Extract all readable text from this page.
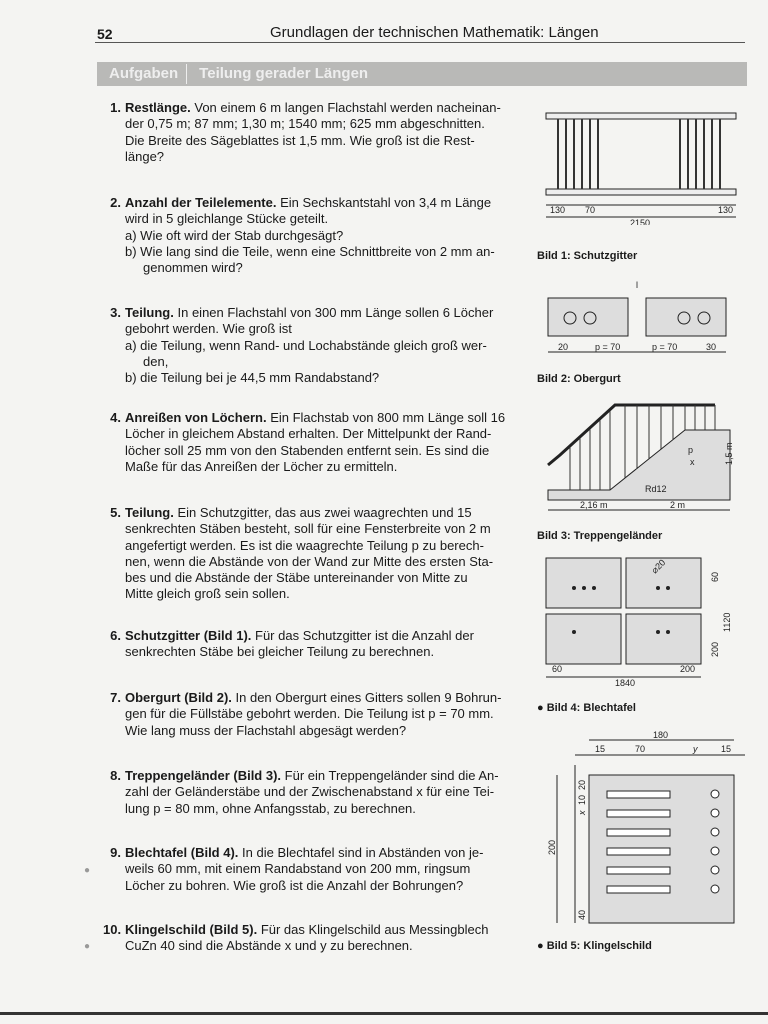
52	Grundlagen der technischen Mathematik: Längen
Aufgaben Teilung gerader Längen
1. Restlänge. Von einem 6 m langen Flachstahl werden nacheinan-
der 0,75 m; 87 mm; 1,30 m; 1540 mm; 625 mm abgeschnitten.
Die Breite des Sägeblattes ist 1,5 mm. Wie groß ist die Rest-
länge?
2. Anzahl der Teilelemente. Ein Sechskantstahl von 3,4 m Länge
wird in 5 gleichlange Stücke geteilt.
a) Wie oft wird der Stab durchgesägt?
b) Wie lang sind die Teile, wenn eine Schnittbreite von 2 mm an-
genommen wird?
3. Teilung. In einen Flachstahl von 300 mm Länge sollen 6 Löcher
gebohrt werden. Wie groß ist
a) die Teilung, wenn Rand- und Lochabstände gleich groß wer-
den,
b) die Teilung bei je 44,5 mm Randabstand?
4. Anreißen von Löchern. Ein Flachstab von 800 mm Länge soll 16
Löcher in gleichem Abstand erhalten. Der Mittelpunkt der Rand-
löcher soll 25 mm von den Stabenden entfernt sein. Es sind die
Maße für das Anreißen der Löcher zu ermitteln.
5. Teilung. Ein Schutzgitter, das aus zwei waagrechten und 15
senkrechten Stäben besteht, soll für eine Fensterbreite von 2 m
angefertigt werden. Es ist die waagrechte Teilung p zu berech-
nen, wenn die Abstände von der Wand zur Mitte des ersten Sta-
bes und die Abstände der Stäbe untereinander von Mitte zu
Mitte gleich groß sein sollen.
6. Schutzgitter (Bild 1). Für das Schutzgitter ist die Anzahl der
senkrechten Stäbe bei gleicher Teilung zu berechnen.
7. Obergurt (Bild 2). In den Obergurt eines Gitters sollen 9 Bohrun-
gen für die Füllstäbe gebohrt werden. Die Teilung ist p = 70 mm.
Wie lang muss der Flachstahl abgesägt werden?
8. Treppengeländer (Bild 3). Für ein Treppengeländer sind die An-
zahl der Geländerstäbe und der Zwischenabstand x für eine Tei-
lung p = 80 mm, ohne Anfangsstab, zu berechnen.
9. Blechtafel (Bild 4). In die Blechtafel sind in Abständen von je-
weils 60 mm, mit einem Randabstand von 200 mm, ringsum
Löcher zu bohren. Wie groß ist die Anzahl der Bohrungen?
10. Klingelschild (Bild 5). Für das Klingelschild aus Messingblech
CuZn 40 sind die Abstände x und y zu berechnen.
●
●
130 70
2150
130
Bild 1: Schutzgitter
l
20	p = 70	p = 70	30
Bild 2: Obergurt
p
x
Rd12
1,5 m
2,16 m	2 m
Bild 3: Treppengeländer
⌀20
60
1120
200
60	200
1840
● Bild 4: Blechtafel
180
15	70	y	15
20
10
x
200
40
● Bild 5: Klingelschild
